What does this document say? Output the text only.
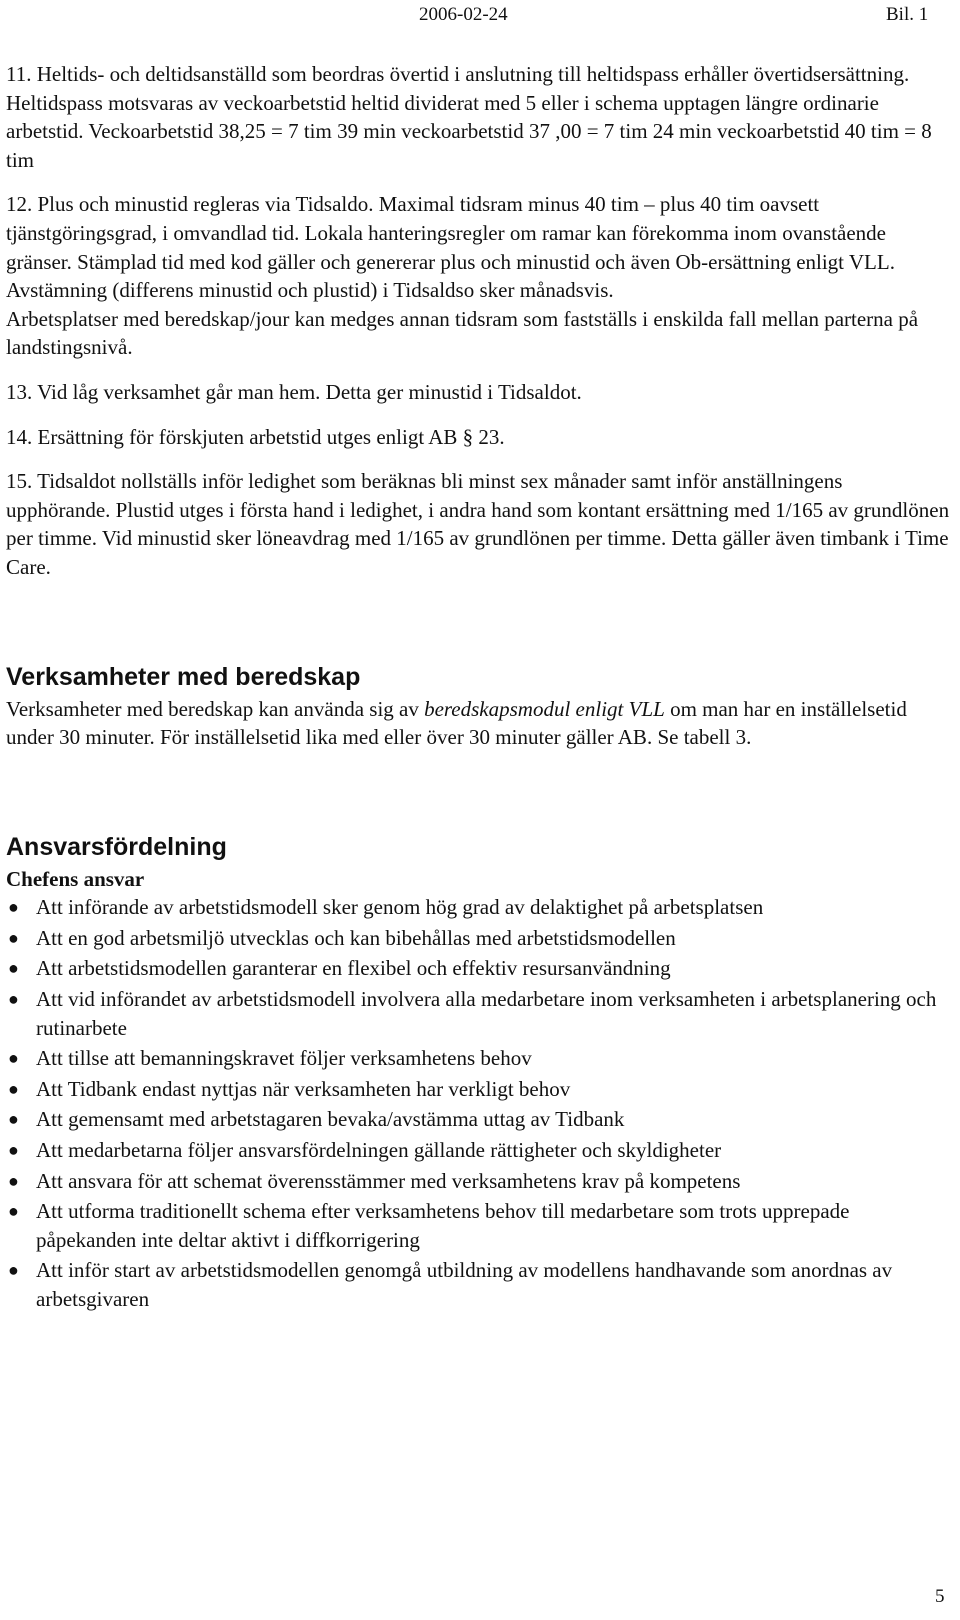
2006-02-24	Bil. 1

11. Heltids- och deltidsanställd som beordras övertid i anslutning till heltidspass erhåller övertidsersättning. Heltidspass motsvaras av veckoarbetstid heltid dividerat med 5 eller i schema upptagen längre ordinarie arbetstid. Veckoarbetstid 38,25 = 7 tim 39 min veckoarbetstid 37 ,00 = 7 tim 24 min veckoarbetstid 40 tim = 8 tim

12. Plus och minustid regleras via Tidsaldo. Maximal tidsram minus 40 tim – plus 40 tim oavsett tjänstgöringsgrad, i omvandlad tid. Lokala hanteringsregler om ramar kan förekomma inom ovanstående gränser. Stämplad tid med kod gäller och genererar plus och minustid och även Ob-ersättning enligt VLL. Avstämning (differens minustid och plustid) i Tidsaldso sker månadsvis.

Arbetsplatser med beredskap/jour kan medges annan tidsram som fastställs i enskilda fall mellan parterna på landstingsnivå.

13. Vid låg verksamhet går man hem. Detta ger minustid i Tidsaldot.

14. Ersättning för förskjuten arbetstid utges enligt AB § 23.

15. Tidsaldot nollställs inför ledighet som beräknas bli minst sex månader samt inför anställningens upphörande. Plustid utges i första hand i ledighet, i andra hand som kontant ersättning med 1/165 av grundlönen per timme. Vid minustid sker löneavdrag med 1/165 av grundlönen per timme. Detta gäller även timbank i Time Care.

Verksamheter med beredskap

Verksamheter med beredskap kan använda sig av beredskapsmodul enligt VLL om man har en inställelsetid under 30 minuter. För inställelsetid lika med eller över 30 minuter gäller AB. Se tabell 3.

Ansvarsfördelning

Chefens ansvar

● Att införande av arbetstidsmodell sker genom hög grad av delaktighet på arbetsplatsen
● Att en god arbetsmiljö utvecklas och kan bibehållas med arbetstidsmodellen
● Att arbetstidsmodellen garanterar en flexibel och effektiv resursanvändning
● Att vid införandet av arbetstidsmodell involvera alla medarbetare inom verksamheten i arbetsplanering och rutinarbete
● Att tillse att bemanningskravet följer verksamhetens behov
● Att Tidbank endast nyttjas när verksamheten har verkligt behov
● Att gemensamt med arbetstagaren bevaka/avstämma uttag av Tidbank
● Att medarbetarna följer ansvarsfördelningen gällande rättigheter och skyldigheter
● Att ansvara för att schemat överensstämmer med verksamhetens krav på kompetens
● Att utforma traditionellt schema efter verksamhetens behov till medarbetare som trots upprepade påpekanden inte deltar aktivt i diffkorrigering
● Att inför start av arbetstidsmodellen genomgå utbildning av modellens handhavande som anordnas av arbetsgivaren
5
